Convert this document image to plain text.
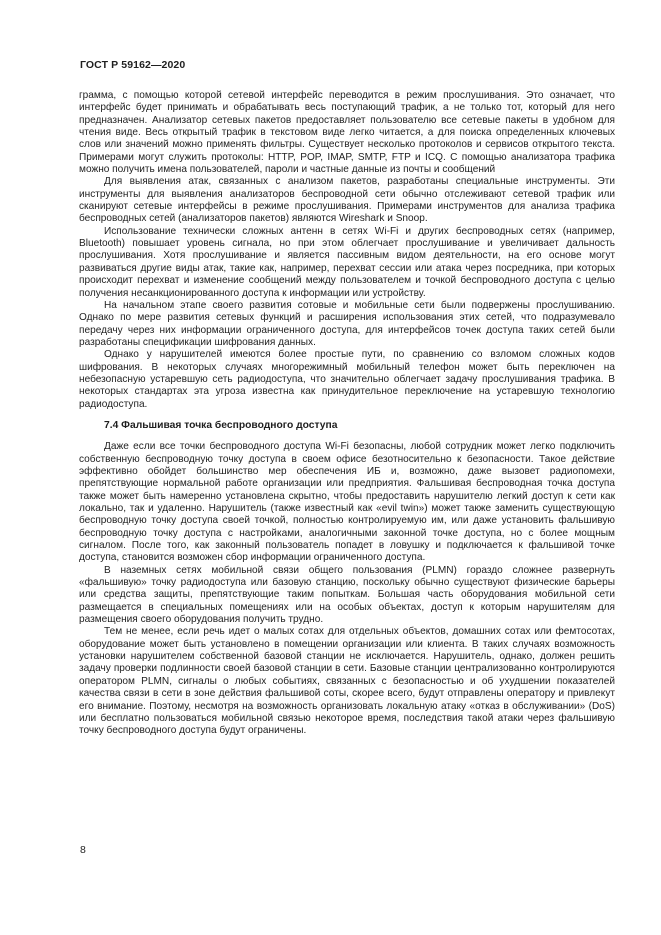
ГОСТ Р 59162—2020

грамма, с помощью которой сетевой интерфейс переводится в режим прослушивания. Это означает, что интерфейс будет принимать и обрабатывать весь поступающий трафик, а не только тот, который для него предназначен. Анализатор сетевых пакетов предоставляет пользователю все сетевые пакеты в удобном для чтения виде. Весь открытый трафик в текстовом виде легко читается, а для поиска определенных ключевых слов или значений можно применять фильтры. Существует несколько протоколов и сервисов открытого текста. Примерами могут служить протоколы: HTTP, POP, IMAP, SMTP, FTP и ICQ. С помощью анализатора трафика можно получить имена пользователей, пароли и частные данные из почты и сообщений

Для выявления атак, связанных с анализом пакетов, разработаны специальные инструменты. Эти инструменты для выявления анализаторов беспроводной сети обычно отслеживают сетевой трафик или сканируют сетевые интерфейсы в режиме прослушивания. Примерами инструментов для анализа трафика беспроводных сетей (анализаторов пакетов) являются Wireshark и Snoop.

Использование технически сложных антенн в сетях Wi-Fi и других беспроводных сетях (например, Bluetooth) повышает уровень сигнала, но при этом облегчает прослушивание и увеличивает дальность прослушивания. Хотя прослушивание и является пассивным видом деятельности, на его основе могут развиваться другие виды атак, такие как, например, перехват сессии или атака через посредника, при которых происходит перехват и изменение сообщений между пользователем и точкой беспроводного доступа с целью получения несанкционированного доступа к информации или устройству.

На начальном этапе своего развития сотовые и мобильные сети были подвержены прослушиванию. Однако по мере развития сетевых функций и расширения использования этих сетей, что подразумевало передачу через них информации ограниченного доступа, для интерфейсов точек доступа таких сетей были разработаны спецификации шифрования данных.

Однако у нарушителей имеются более простые пути, по сравнению со взломом сложных кодов шифрования. В некоторых случаях многорежимный мобильный телефон может быть переключен на небезопасную устаревшую сеть радиодоступа, что значительно облегчает задачу прослушивания трафика. В некоторых стандартах эта угроза известна как принудительное переключение на устаревшую технологию радиодоступа.

7.4 Фальшивая точка беспроводного доступа

Даже если все точки беспроводного доступа Wi-Fi безопасны, любой сотрудник может легко подключить собственную беспроводную точку доступа в своем офисе безотносительно к безопасности. Такое действие эффективно обойдет большинство мер обеспечения ИБ и, возможно, даже вызовет радиопомехи, препятствующие нормальной работе организации или предприятия. Фальшивая беспроводная точка доступа также может быть намеренно установлена скрытно, чтобы предоставить нарушителю легкий доступ к сети как локально, так и удаленно. Нарушитель (также известный как «evil twin») может также заменить существующую беспроводную точку доступа своей точкой, полностью контролируемую им, или даже установить фальшивую беспроводную точку доступа с настройками, аналогичными законной точке доступа, но с более мощным сигналом. После того, как законный пользователь попадет в ловушку и подключается к фальшивой точке доступа, становится возможен сбор информации ограниченного доступа.

В наземных сетях мобильной связи общего пользования (PLMN) гораздо сложнее развернуть «фальшивую» точку радиодоступа или базовую станцию, поскольку обычно существуют физические барьеры или средства защиты, препятствующие таким попыткам. Большая часть оборудования мобильной сети размещается в специальных помещениях или на особых объектах, доступ к которым нарушителям для размещения своего оборудования получить трудно.

Тем не менее, если речь идет о малых сотах для отдельных объектов, домашних сотах или фемтосотах, оборудование может быть установлено в помещении организации или клиента. В таких случаях возможность установки нарушителем собственной базовой станции не исключается. Нарушитель, однако, должен решить задачу проверки подлинности своей базовой станции в сети. Базовые станции централизованно контролируются оператором PLMN, сигналы о любых событиях, связанных с безопасностью и об ухудшении показателей качества связи в сети в зоне действия фальшивой соты, скорее всего, будут отправлены оператору и привлекут его внимание. Поэтому, несмотря на возможность организовать локальную атаку «отказ в обслуживании» (DoS) или бесплатно пользоваться мобильной связью некоторое время, последствия такой атаки через фальшивую точку беспроводного доступа будут ограничены.

8
